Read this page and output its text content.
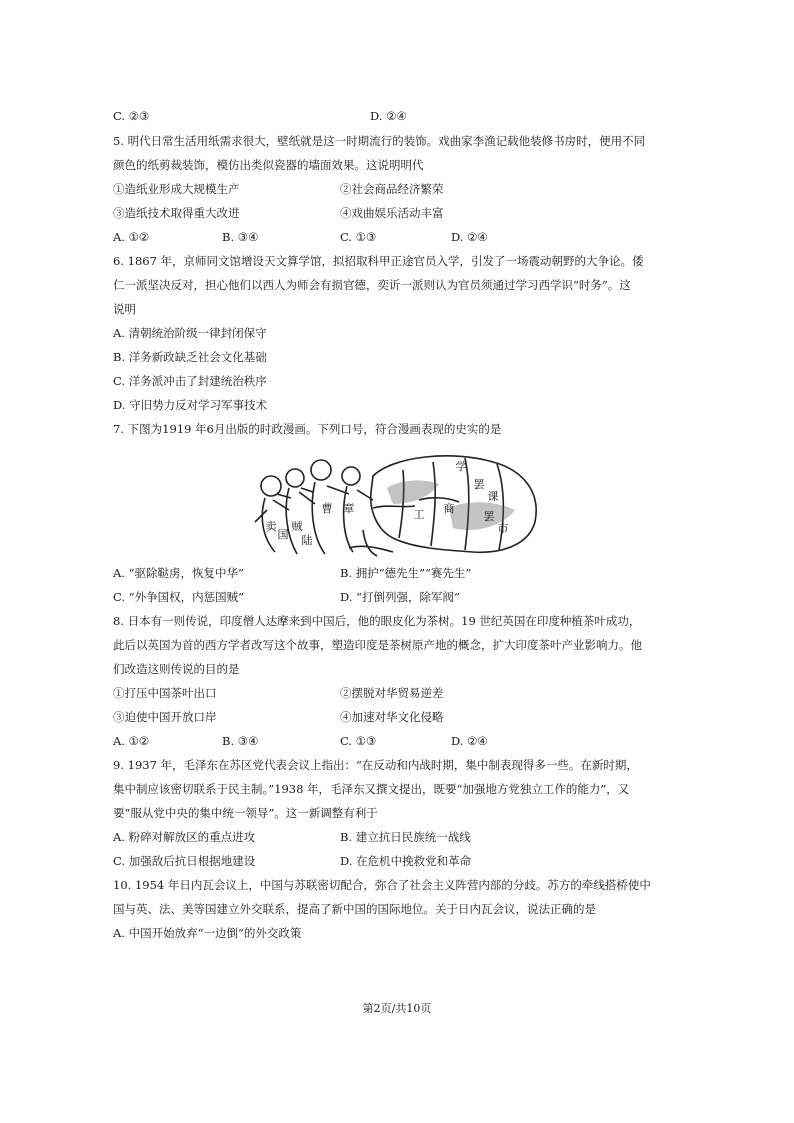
C. ②③	D. ②④
5. 明代日常生活用纸需求很大，壁纸就是这一时期流行的装饰。戏曲家李渔记载他装修书房时，便用不同
颜色的纸剪裁装饰，模仿出类似瓷器的墙面效果。这说明明代
①造纸业形成大规模生产	②社会商品经济繁荣
③造纸技术取得重大改进	④戏曲娱乐活动丰富
A. ①②	B. ③④	C. ①③	D. ②④
6. 1867 年，京师同文馆增设天文算学馆，拟招取科甲正途官员入学，引发了一场震动朝野的大争论。倭
仁一派坚决反对，担心他们以西人为师会有损官德，奕䜣一派则认为官员须通过学习西学识“时务”。这
说明
A. 清朝统治阶级一律封闭保守
B. 洋务新政缺乏社会文化基础
C. 洋务派冲击了封建统治秩序
D. 守旧势力反对学习军事技术
7. 下图为1919 年6月出版的时政漫画。下列口号，符合漫画表现的史实的是
卖
国
贼
曹 章
陆
学
工 商
罢
课
罢
市
A. “驱除鞑虏，恢复中华”	B. 拥护“德先生”“赛先生”
C. “外争国权，内惩国贼”	D. “打倒列强，除军阀”
8. 日本有一则传说，印度僧人达摩来到中国后，他的眼皮化为茶树。19 世纪英国在印度种植茶叶成功，
此后以英国为首的西方学者改写这个故事，塑造印度是茶树原产地的概念，扩大印度茶叶产业影响力。他
们改造这则传说的目的是
①打压中国茶叶出口	②摆脱对华贸易逆差
③迫使中国开放口岸	④加速对华文化侵略
A. ①②	B. ③④	C. ①③	D. ②④
9. 1937 年，毛泽东在苏区党代表会议上指出：“在反动和内战时期，集中制表现得多一些。在新时期，
集中制应该密切联系于民主制。”1938 年，毛泽东又撰文提出，既要“加强地方党独立工作的能力”，又
要“服从党中央的集中统一领导”。这一新调整有利于
A. 粉碎对解放区的重点进攻	B. 建立抗日民族统一战线
C. 加强敌后抗日根据地建设	D. 在危机中挽救党和革命
10. 1954 年日内瓦会议上，中国与苏联密切配合，弥合了社会主义阵营内部的分歧。苏方的牵线搭桥使中
国与英、法、美等国建立外交联系，提高了新中国的国际地位。关于日内瓦会议，说法正确的是
A. 中国开始放弃“一边倒”的外交政策
第2页/共10页
